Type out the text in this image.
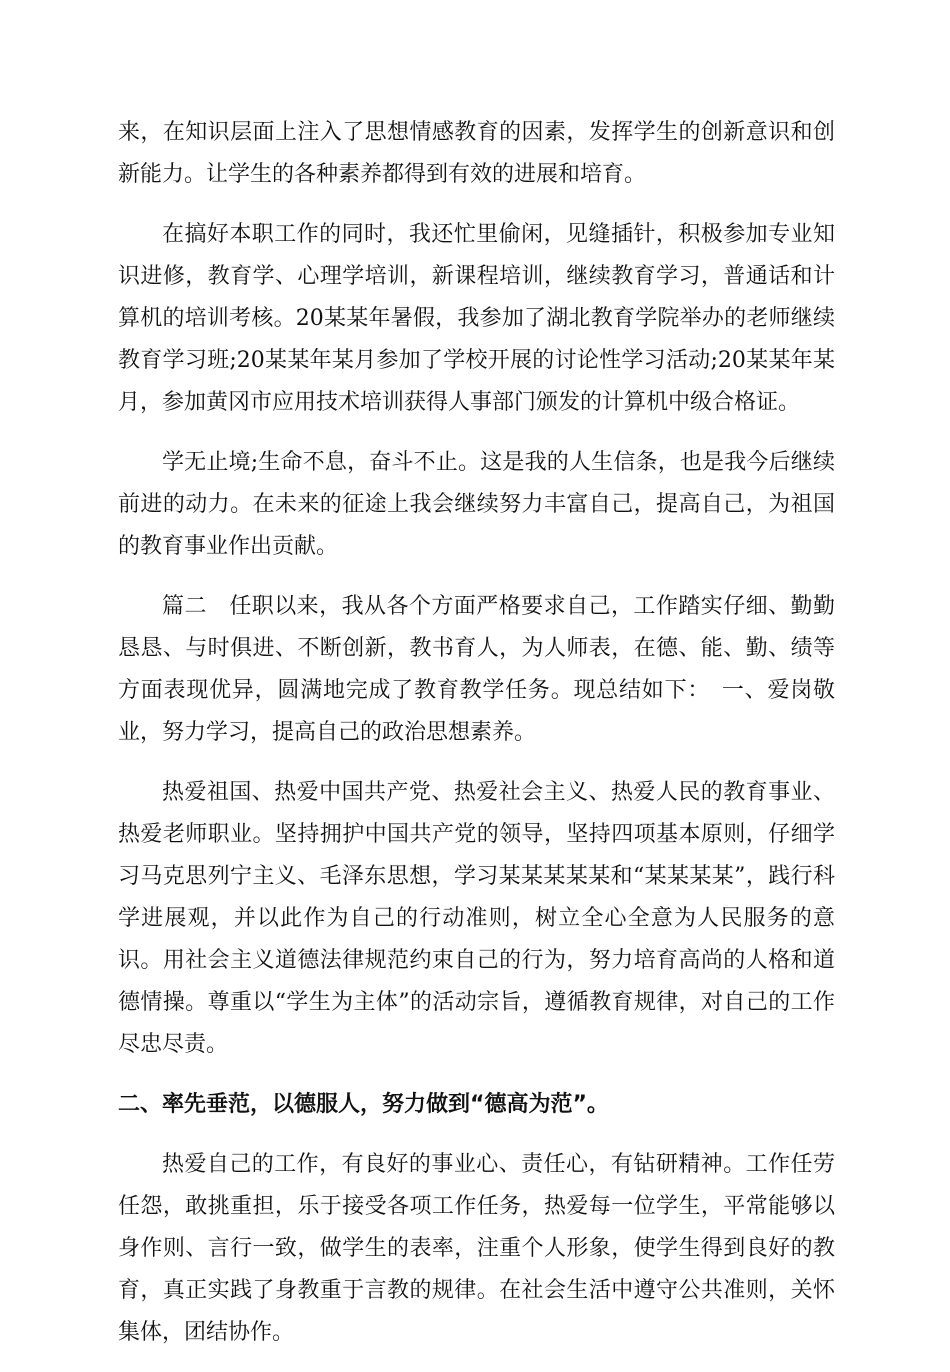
来，在知识层面上注入了思想情感教育的因素，发挥学生的创新意识和创新能力。让学生的各种素养都得到有效的进展和培育。

在搞好本职工作的同时，我还忙里偷闲，见缝插针，积极参加专业知识进修，教育学、心理学培训，新课程培训，继续教育学习，普通话和计算机的培训考核。20某某年暑假，我参加了湖北教育学院举办的老师继续教育学习班;20某某年某月参加了学校开展的讨论性学习活动;20某某年某月，参加黄冈市应用技术培训获得人事部门颁发的计算机中级合格证。

学无止境;生命不息，奋斗不止。这是我的人生信条，也是我今后继续前进的动力。在未来的征途上我会继续努力丰富自己，提高自己，为祖国的教育事业作出贡献。

篇二　任职以来，我从各个方面严格要求自己，工作踏实仔细、勤勤恳恳、与时俱进、不断创新，教书育人，为人师表，在德、能、勤、绩等方面表现优异，圆满地完成了教育教学任务。现总结如下：　一、爱岗敬业，努力学习，提高自己的政治思想素养。

热爱祖国、热爱中国共产党、热爱社会主义、热爱人民的教育事业、热爱老师职业。坚持拥护中国共产党的领导，坚持四项基本原则，仔细学习马克思列宁主义、毛泽东思想，学习某某某某某和“某某某某”，践行科学进展观，并以此作为自己的行动准则，树立全心全意为人民服务的意识。用社会主义道德法律规范约束自己的行为，努力培育高尚的人格和道德情操。尊重以“学生为主体”的活动宗旨，遵循教育规律，对自己的工作尽忠尽责。

二、率先垂范，以德服人，努力做到“德高为范”。

热爱自己的工作，有良好的事业心、责任心，有钻研精神。工作任劳任怨，敢挑重担，乐于接受各项工作任务，热爱每一位学生，平常能够以身作则、言行一致，做学生的表率，注重个人形象，使学生得到良好的教育，真正实践了身教重于言教的规律。在社会生活中遵守公共准则，关怀集体，团结协作。
